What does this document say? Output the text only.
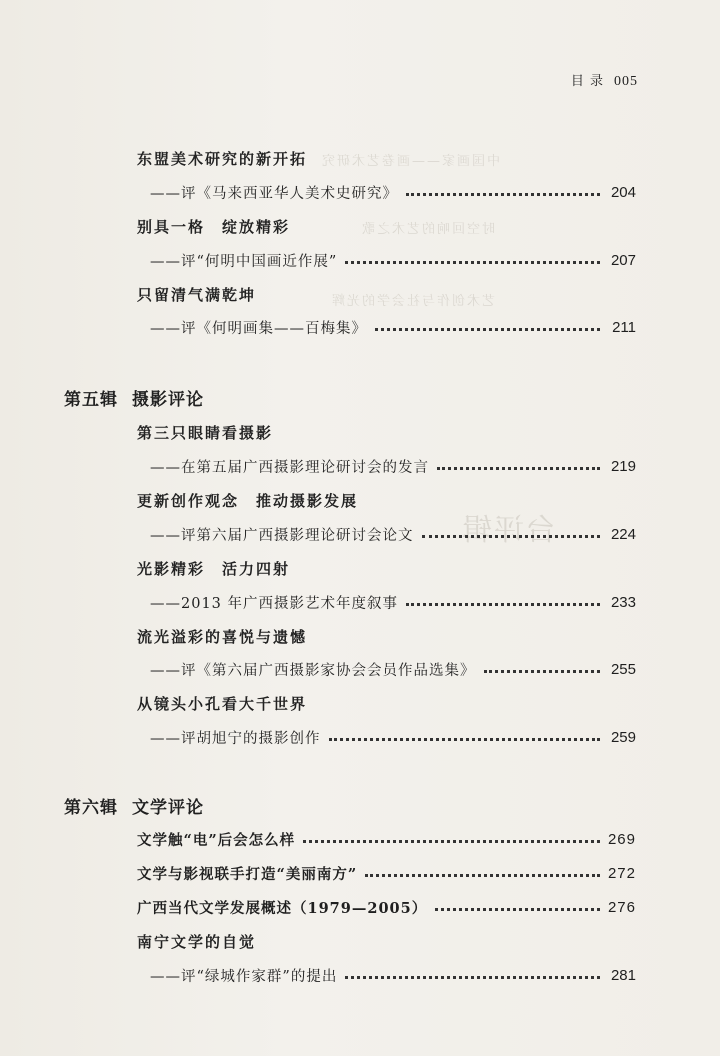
中国画家——画卷艺术研究
时空回响的艺术之歌
艺术创作与社会学的光辉
台评辑
目 录 005
东盟美术研究的新开拓
——评《马来西亚华人美术史研究》	204
别具一格　绽放精彩
——评“何明中国画近作展”	207
只留清气满乾坤
——评《何明画集——百梅集》	211
第五辑 摄影评论
第三只眼睛看摄影
——在第五届广西摄影理论研讨会的发言	219
更新创作观念　推动摄影发展
——评第六届广西摄影理论研讨会论文	224
光影精彩　活力四射
——2013 年广西摄影艺术年度叙事	233
流光溢彩的喜悦与遗憾
——评《第六届广西摄影家协会会员作品选集》	255
从镜头小孔看大千世界
——评胡旭宁的摄影创作	259
第六辑 文学评论
文学触“电”后会怎么样	269
文学与影视联手打造“美丽南方”	272
广西当代文学发展概述（1979—2005）	276
南宁文学的自觉
——评“绿城作家群”的提出	281
